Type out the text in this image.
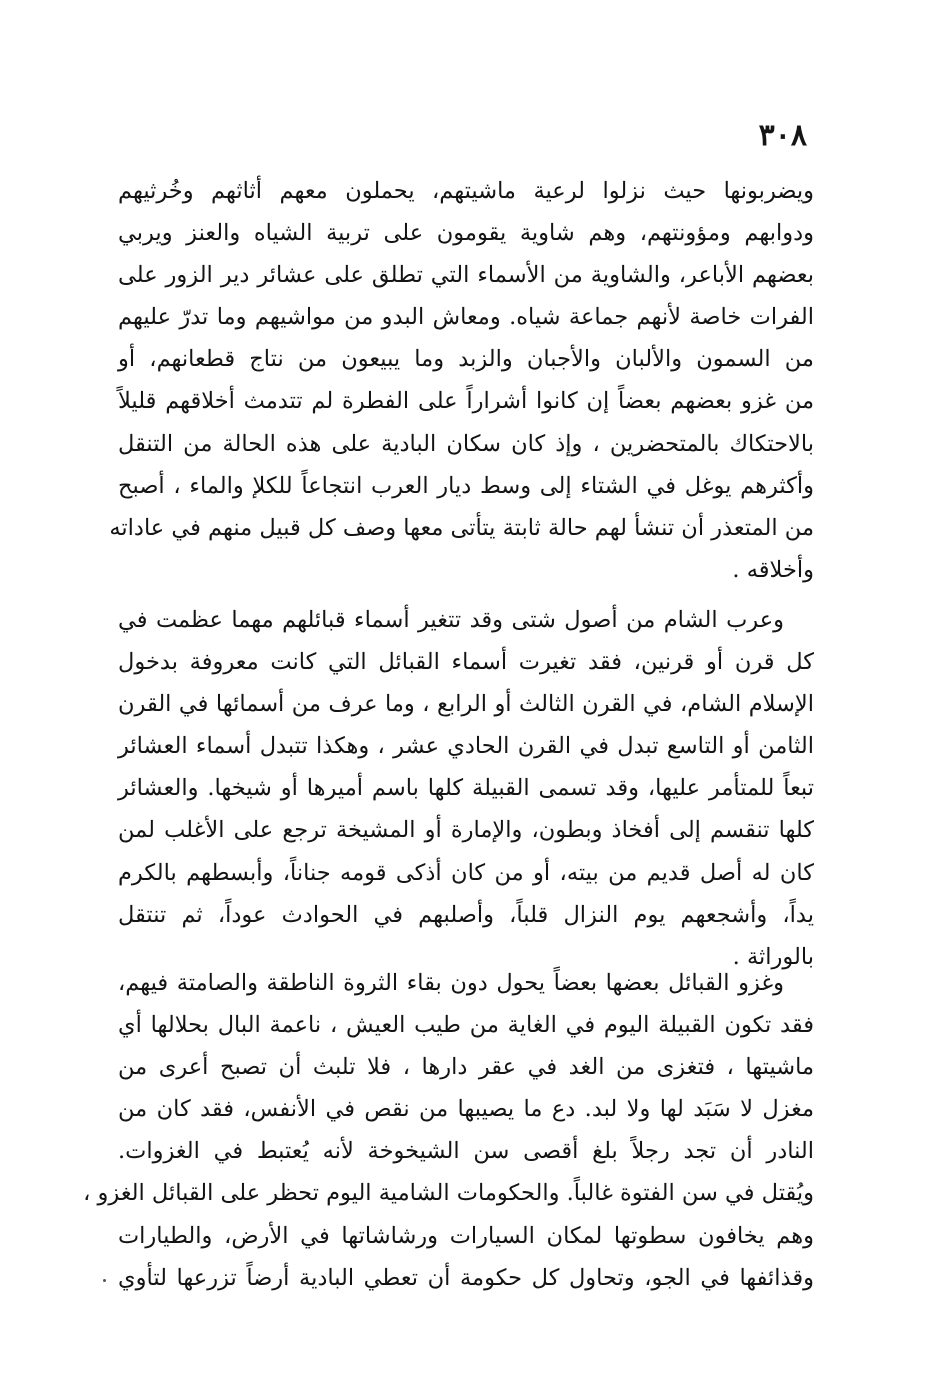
٣٠٨
ويضربونها حيث نزلوا لرعية ماشيتهم، يحملون معهم أثاثهم وخُرثيهم
ودوابهم ومؤونتهم، وهم شاوية يقومون على تربية الشياه والعنز ويربي
بعضهم الأباعر، والشاوية من الأسماء التي تطلق على عشائر دير الزور على
الفرات خاصة لأنهم جماعة شياه. ومعاش البدو من مواشيهم وما تدرّ عليهم
من السمون والألبان والأجبان والزبد وما يبيعون من نتاج قطعانهم، أو
من غزو بعضهم بعضاً إن كانوا أشراراً على الفطرة لم تتدمث أخلاقهم قليلاً
بالاحتكاك بالمتحضرين ، وإذ كان سكان البادية على هذه الحالة من التنقل
وأكثرهم يوغل في الشتاء إلى وسط ديار العرب انتجاعاً للكلإ والماء ، أصبح
من المتعذر أن تنشأ لهم حالة ثابتة يتأتى معها وصف كل قبيل منهم في عاداته
وأخلاقه .
وعرب الشام من أصول شتى وقد تتغير أسماء قبائلهم مهما عظمت في
كل قرن أو قرنين، فقد تغيرت أسماء القبائل التي كانت معروفة بدخول
الإسلام الشام، في القرن الثالث أو الرابع ، وما عرف من أسمائها في القرن
الثامن أو التاسع تبدل في القرن الحادي عشر ، وهكذا تتبدل أسماء العشائر
تبعاً للمتأمر عليها، وقد تسمى القبيلة كلها باسم أميرها أو شيخها. والعشائر
كلها تنقسم إلى أفخاذ وبطون، والإمارة أو المشيخة ترجع على الأغلب لمن
كان له أصل قديم من بيته، أو من كان أذكى قومه جناناً، وأبسطهم بالكرم
يداً، وأشجعهم يوم النزال قلباً، وأصلبهم في الحوادث عوداً، ثم تنتقل
بالوراثة .
وغزو القبائل بعضها بعضاً يحول دون بقاء الثروة الناطقة والصامتة فيهم،
فقد تكون القبيلة اليوم في الغاية من طيب العيش ، ناعمة البال بحلالها أي
ماشيتها ، فتغزى من الغد في عقر دارها ، فلا تلبث أن تصبح أعرى من
مغزل لا سَبَد لها ولا لبد. دع ما يصيبها من نقص في الأنفس، فقد كان من
النادر أن تجد رجلاً بلغ أقصى سن الشيخوخة لأنه يُعتبط في الغزوات.
ويُقتل في سن الفتوة غالباً. والحكومات الشامية اليوم تحظر على القبائل الغزو ،
وهم يخافون سطوتها لمكان السيارات ورشاشاتها في الأرض، والطيارات
وقذائفها في الجو، وتحاول كل حكومة أن تعطي البادية أرضاً تزرعها لتأوي
